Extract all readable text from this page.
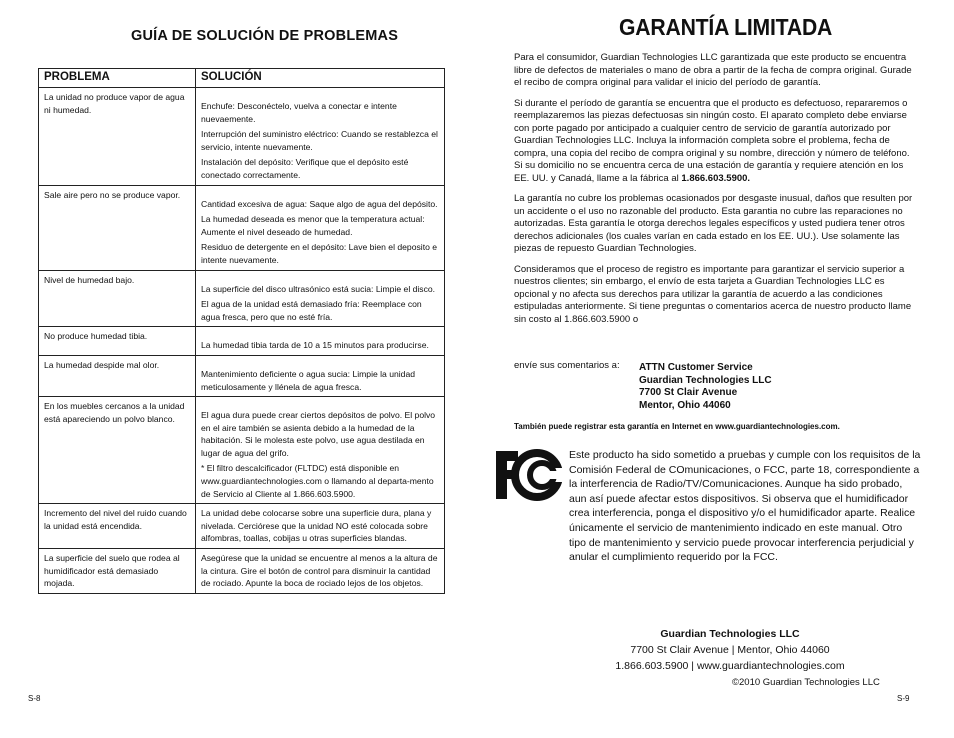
GUÍA DE SOLUCIÓN DE PROBLEMAS
PROBLEMA	SOLUCIÓN
La unidad no produce vapor de agua ni humedad.	Enchufe: Desconéctelo, vuelva a conectar e intente nuevaemente.
Interrupción del suministro eléctrico: Cuando se restablezca el servicio, intente nuevamente.
Instalación del depósito: Verifique que el depósito esté conectado correctamente.

Sale aire pero no se produce vapor.	Cantidad excesiva de agua: Saque algo de agua del depósito.
La humedad deseada es menor que la temperatura actual: Aumente el nivel deseado de humedad.
Residuo de detergente en el depósito: Lave bien el deposito e intente nuevamente.

Nivel de humedad bajo.	La superficie del disco ultrasónico está sucia: Limpie el disco.
El agua de la unidad está demasiado fría: Reemplace con agua fresca, pero que no esté fría.

No produce humedad tibia.	La humedad tibia tarda de 10 a 15 minutos para producirse.

La humedad despide mal olor.	Mantenimiento deficiente o agua sucia: Limpie la unidad meticulosamente y llénela de agua fresca.

En los muebles cercanos a la unidad está apareciendo un polvo blanco.	El agua dura puede crear ciertos depósitos de polvo. El polvo en el aire también se asienta debido a la humedad de la habitación. Si le molesta este polvo, use agua destilada en lugar de agua del grifo.
* El filtro descalcificador (FLTDC) está disponible en www.guardiantechnologies.com o llamando al departa-mento de Servicio al Cliente al 1.866.603.5900.

Incremento del nivel del ruido cuando la unidad está encendida.	La unidad debe colocarse sobre una superficie dura, plana y nivelada. Cerciórese que la unidad NO esté colocada sobre alfombras, toallas, cobijas u otras superficies blandas.

La superficie del suelo que rodea al humidificador está demasiado mojada.	Asegúrese que la unidad se encuentre al menos a la altura de la cintura. Gire el botón de control para disminuir la cantidad de rociado. Apunte la boca de rociado lejos de los objetos.
S-8
GARANTÍA LIMITADA

Para el consumidor, Guardian Technologies LLC garantizada que este producto se encuentra libre de defectos de materiales o mano de obra a partir de la fecha de compra original. Gurade el recibo de compra original para validar el inicio del período de garantía.

Si durante el período de garantía se encuentra que el producto es defectuoso, repararemos o reemplazaremos las piezas defectuosas sin ningún costo. El aparato completo debe enviarse con porte pagado por anticipado a cualquier centro de servicio de garantía autorizado por Guardian Technologies LLC. Incluya la información completa sobre el problema, fecha de compra, una copia del recibo de compra original y su nombre, dirección y número de teléfono. Si su domicilio no se encuentra cerca de una estación de garantía y requiere atención en los EE. UU. y Canadá, llame a la fábrica al 1.866.603.5900.

La garantía no cubre los problemas ocasionados por desgaste inusual, daños que resulten por un accidente o el uso no razonable del producto. Esta garantia no cubre las reparaciones no autorizadas. Esta garantía le otorga derechos legales específicos y usted pudiera tener otros derechos adicionales (los cuales varían en cada estado en los EE. UU.). Use solamente las piezas de repuesto Guardian Technologies.

Consideramos que el proceso de registro es importante para garantizar el servicio superior a nuestros clientes; sin embargo, el envío de esta tarjeta a Guardian Technologies LLC es opcional y no afecta sus derechos para utilizar la garantía de acuerdo a las condiciones estipuladas anteriormente. Si tiene preguntas o comentarios acerca de nuestro producto llame sin costo al 1.866.603.5900 o

envíe sus comentarios a: ATTN Customer Service
Guardian Technologies LLC
7700 St Clair Avenue
Mentor, Ohio 44060
También puede registrar esta garantía en Internet en www.guardiantechnologies.com.
Este producto ha sido sometido a pruebas y cumple con los requisitos de la Comisión Federal de COmunicaciones, o FCC, parte 18, correspondiente a la interferencia de Radio/TV/Comunicaciones. Aunque ha sido probado, aun así puede afectar estos dispositivos. Si observa que el humidificador crea interferencia, ponga el dispositivo y/o el humidificador aparte. Realice únicamente el servicio de mantenimiento indicado en este manual. Otro tipo de mantenimiento y servicio puede provocar interferencia perjudicial y anular el cumplimiento requerido por la FCC.
Guardian Technologies LLC
7700 St Clair Avenue | Mentor, Ohio 44060
1.866.603.5900 | www.guardiantechnologies.com
©2010 Guardian Technologies LLC
S-9
